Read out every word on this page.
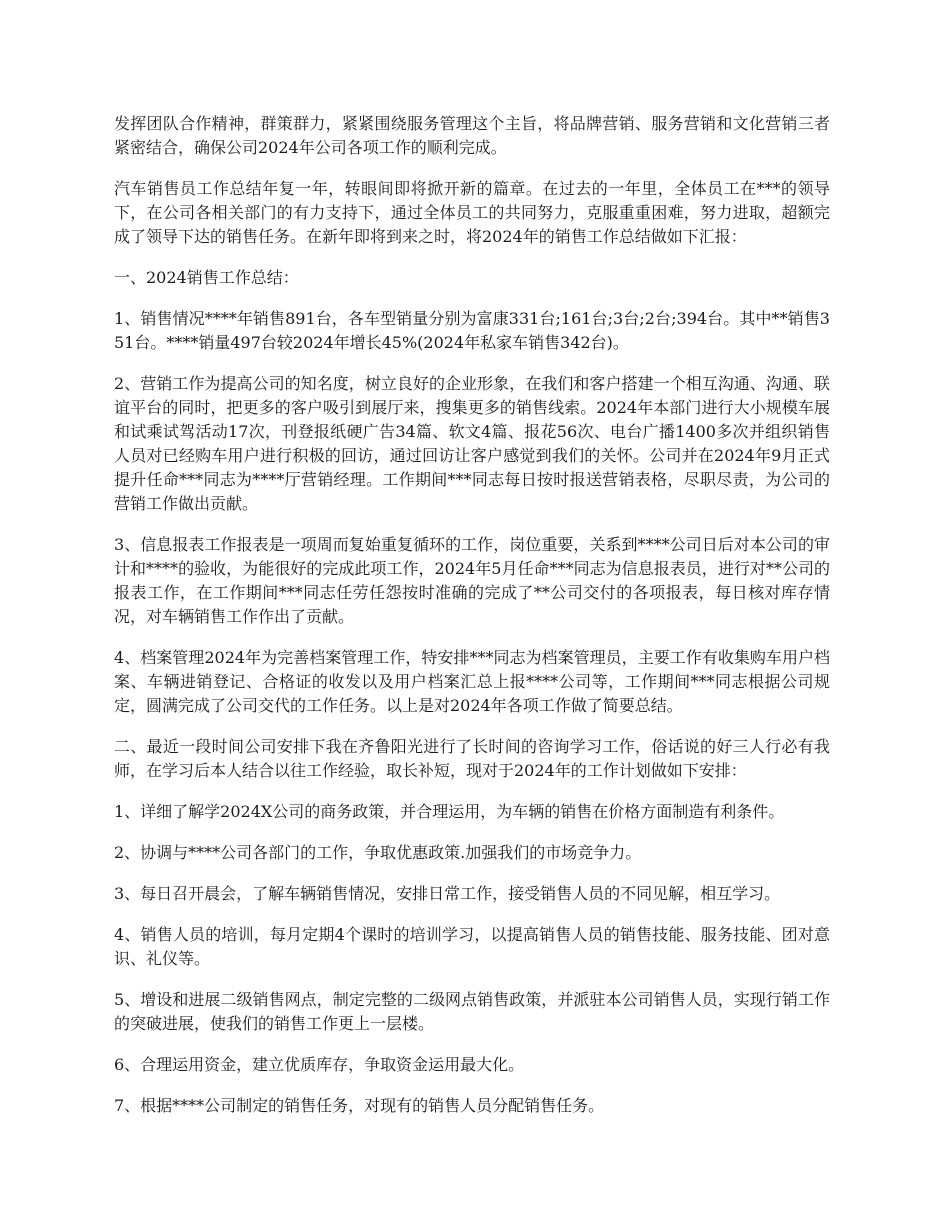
发挥团队合作精神，群策群力，紧紧围绕服务管理这个主旨，将品牌营销、服务营销和文化营销三者紧密结合，确保公司2024年公司各项工作的顺利完成。

汽车销售员工作总结年复一年，转眼间即将掀开新的篇章。在过去的一年里，全体员工在***的领导下，在公司各相关部门的有力支持下，通过全体员工的共同努力，克服重重困难，努力进取，超额完成了领导下达的销售任务。在新年即将到来之时，将2024年的销售工作总结做如下汇报：

一、2024销售工作总结：

1、销售情况****年销售891台，各车型销量分别为富康331台;161台;3台;2台;394台。其中**销售351台。****销量497台较2024年增长45%(2024年私家车销售342台)。

2、营销工作为提高公司的知名度，树立良好的企业形象，在我们和客户搭建一个相互沟通、沟通、联谊平台的同时，把更多的客户吸引到展厅来，搜集更多的销售线索。2024年本部门进行大小规模车展和试乘试驾活动17次，刊登报纸硬广告34篇、软文4篇、报花56次、电台广播1400多次并组织销售人员对已经购车用户进行积极的回访，通过回访让客户感觉到我们的关怀。公司并在2024年9月正式提升任命***同志为****厅营销经理。工作期间***同志每日按时报送营销表格，尽职尽责，为公司的营销工作做出贡献。

3、信息报表工作报表是一项周而复始重复循环的工作，岗位重要，关系到****公司日后对本公司的审计和****的验收，为能很好的完成此项工作，2024年5月任命***同志为信息报表员，进行对**公司的报表工作，在工作期间***同志任劳任怨按时准确的完成了**公司交付的各项报表，每日核对库存情况，对车辆销售工作作出了贡献。

4、档案管理2024年为完善档案管理工作，特安排***同志为档案管理员，主要工作有收集购车用户档案、车辆进销登记、合格证的收发以及用户档案汇总上报****公司等，工作期间***同志根据公司规定，圆满完成了公司交代的工作任务。以上是对2024年各项工作做了简要总结。

二、最近一段时间公司安排下我在齐鲁阳光进行了长时间的咨询学习工作，俗话说的好三人行必有我师，在学习后本人结合以往工作经验，取长补短，现对于2024年的工作计划做如下安排：

1、详细了解学2024X公司的商务政策，并合理运用，为车辆的销售在价格方面制造有利条件。

2、协调与****公司各部门的工作，争取优惠政策.加强我们的市场竞争力。

3、每日召开晨会，了解车辆销售情况，安排日常工作，接受销售人员的不同见解，相互学习。

4、销售人员的培训，每月定期4个课时的培训学习，以提高销售人员的销售技能、服务技能、团对意识、礼仪等。

5、增设和进展二级销售网点，制定完整的二级网点销售政策，并派驻本公司销售人员，实现行销工作的突破进展，使我们的销售工作更上一层楼。

6、合理运用资金，建立优质库存，争取资金运用最大化。

7、根据****公司制定的销售任务，对现有的销售人员分配销售任务。
